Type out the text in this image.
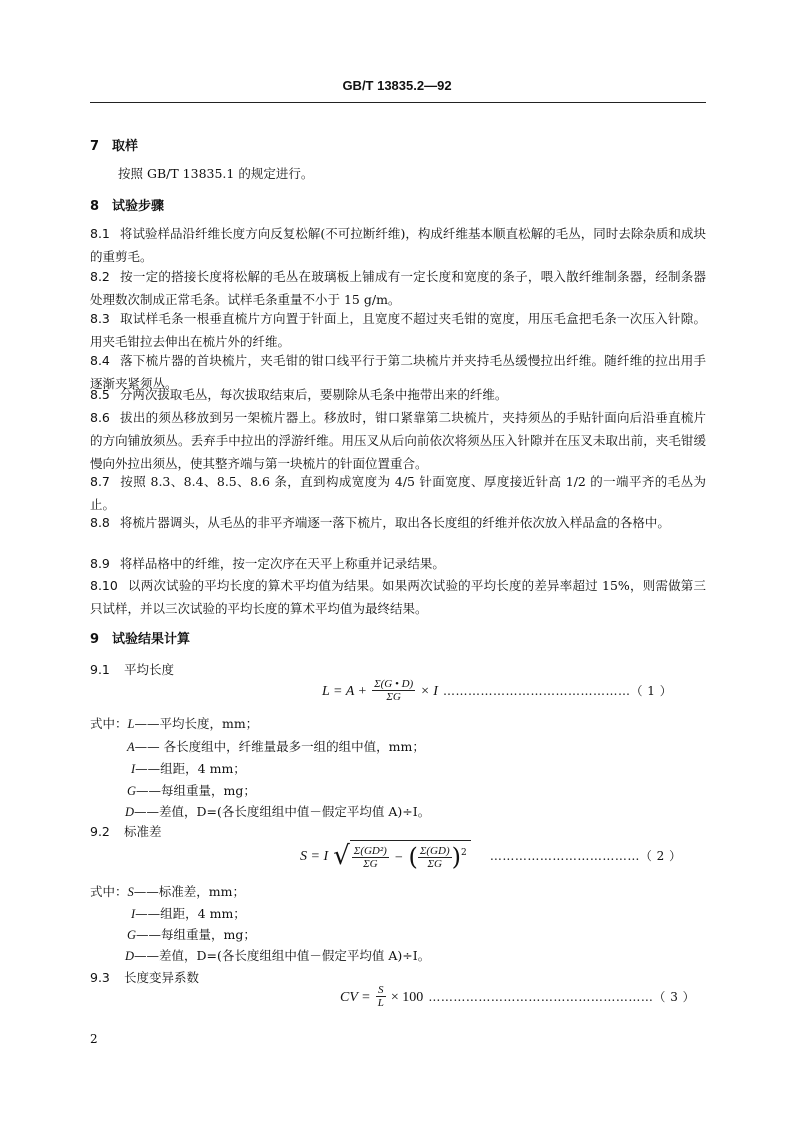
GB/T 13835.2—92
7 取样
按照 GB/T 13835.1 的规定进行。
8 试验步骤
8.1 将试验样品沿纤维长度方向反复松解(不可拉断纤维)，构成纤维基本顺直松解的毛丛，同时去除杂质和成块的重剪毛。
8.2 按一定的搭接长度将松解的毛丛在玻璃板上铺成有一定长度和宽度的条子，喂入散纤维制条器，经制条器处理数次制成正常毛条。试样毛条重量不小于 15 g/m。
8.3 取试样毛条一根垂直梳片方向置于针面上，且宽度不超过夹毛钳的宽度，用压毛盒把毛条一次压入针隙。用夹毛钳拉去伸出在梳片外的纤维。
8.4 落下梳片器的首块梳片，夹毛钳的钳口线平行于第二块梳片并夹持毛丛缓慢拉出纤维。随纤维的拉出用手逐渐夹紧须丛。
8.5 分两次拔取毛丛，每次拔取结束后，要剔除从毛条中拖带出来的纤维。
8.6 拔出的须丛移放到另一架梳片器上。移放时，钳口紧靠第二块梳片，夹持须丛的手贴针面向后沿垂直梳片的方向铺放须丛。丢弃手中拉出的浮游纤维。用压叉从后向前依次将须丛压入针隙并在压叉未取出前，夹毛钳缓慢向外拉出须丛，使其整齐端与第一块梳片的针面位置重合。
8.7 按照 8.3、8.4、8.5、8.6 条，直到构成宽度为 4/5 针面宽度、厚度接近针高 1/2 的一端平齐的毛丛为止。
8.8 将梳片器调头，从毛丛的非平齐端逐一落下梳片，取出各长度组的纤维并依次放入样品盒的各格中。
8.9 将样品格中的纤维，按一定次序在天平上称重并记录结果。
8.10 以两次试验的平均长度的算术平均值为结果。如果两次试验的平均长度的差异率超过 15%，则需做第三只试样，并以三次试验的平均长度的算术平均值为最终结果。
9 试验结果计算
9.1 平均长度
$L = A + \frac{\Sigma(G • D)}{\Sigma G} \times I$ ………………………………………（ 1 ）
式中：L——平均长度，mm；
A—— 各长度组中，纤维量最多一组的组中值，mm；
I——组距，4 mm；
G——每组重量，mg；
D——差值，D=(各长度组组中值－假定平均值 A)÷I。
9.2 标准差
S = I √ $\frac{\text{Σ(GD²)}}{\Sigma G}$ − ( $\frac{\Sigma(GD)}{\Sigma G} )^2$ ………………………………（ 2 ）
式中：S——标准差，mm；
I——组距，4 mm；
G——每组重量，mg；
D——差值，D=(各长度组组中值－假定平均值 A)÷I。
9.3 长度变异系数
CV = $\frac{S}{L} \times 100$ ………………………………………………（ 3 ）
2
